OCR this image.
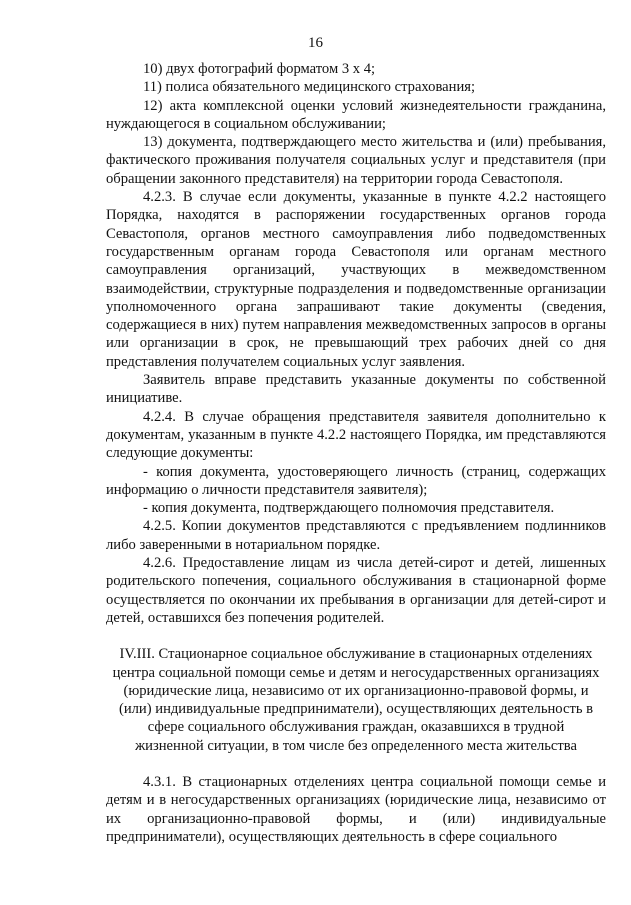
16

10) двух фотографий форматом 3 х 4;

11) полиса обязательного медицинского страхования;

12) акта комплексной оценки условий жизнедеятельности гражданина, нуждающегося в социальном обслуживании;

13) документа, подтверждающего место жительства и (или) пребывания, фактического проживания получателя социальных услуг и представителя (при обращении законного представителя) на территории города Севастополя.

4.2.3. В случае если документы, указанные в пункте 4.2.2 настоящего Порядка, находятся в распоряжении государственных органов города Севастополя, органов местного самоуправления либо подведомственных государственным органам города Севастополя или органам местного самоуправления организаций, участвующих в межведомственном взаимодействии, структурные подразделения и подведомственные организации уполномоченного органа запрашивают такие документы (сведения, содержащиеся в них) путем направления межведомственных запросов в органы или организации в срок, не превышающий трех рабочих дней со дня представления получателем социальных услуг заявления.

Заявитель вправе представить указанные документы по собственной инициативе.

4.2.4. В случае обращения представителя заявителя дополнительно к документам, указанным в пункте 4.2.2 настоящего Порядка, им представляются следующие документы:

- копия документа, удостоверяющего личность (страниц, содержащих информацию о личности представителя заявителя);

- копия документа, подтверждающего полномочия представителя.

4.2.5. Копии документов представляются с предъявлением подлинников либо заверенными в нотариальном порядке.

4.2.6. Предоставление лицам из числа детей-сирот и детей, лишенных родительского попечения, социального обслуживания в стационарной форме осуществляется по окончании их пребывания в организации для детей-сирот и детей, оставшихся без попечения родителей.

IV.III. Стационарное социальное обслуживание в стационарных отделениях центра социальной помощи семье и детям и негосударственных организациях (юридические лица, независимо от их организационно-правовой формы, и (или) индивидуальные предприниматели), осуществляющих деятельность в сфере социального обслуживания граждан, оказавшихся в трудной жизненной ситуации, в том числе без определенного места жительства

4.3.1. В стационарных отделениях центра социальной помощи семье и детям и в негосударственных организациях (юридические лица, независимо от их организационно-правовой формы, и (или) индивидуальные предприниматели), осуществляющих деятельность в сфере социального
